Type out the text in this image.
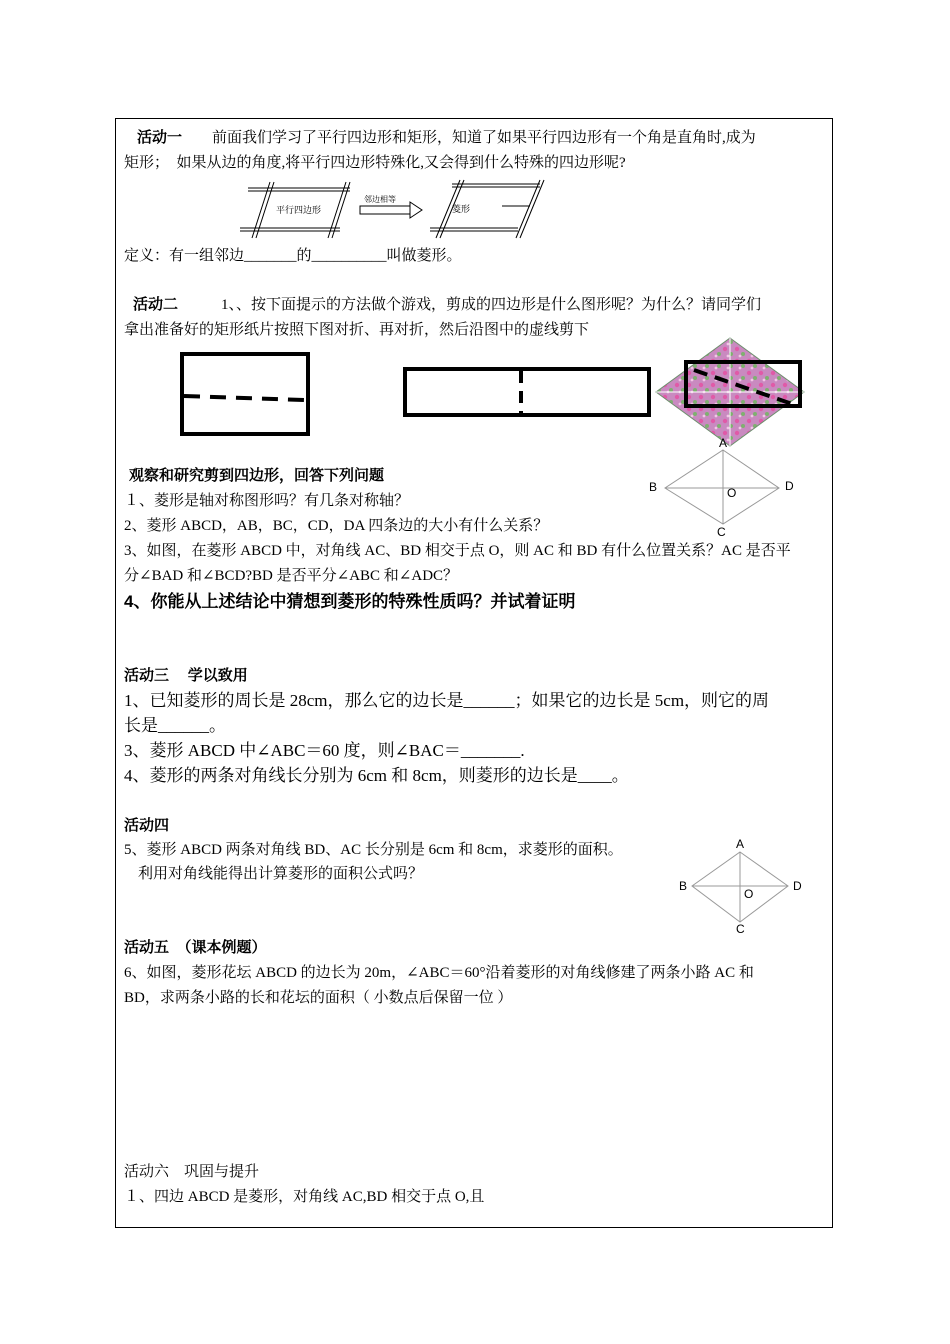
活动一 前面我们学习了平行四边形和矩形，知道了如果平行四边形有一个角是直角时,成为
矩形；　如果从边的角度,将平行四边形特殊化,又会得到什么特殊的四边形呢?
平行四边形
邻边相等
菱形
定义：有一组邻边_______的__________叫做菱形。
活动二	1、、按下面提示的方法做个游戏，剪成的四边形是什么图形呢？为什么？请同学们
拿出准备好的矩形纸片按照下图对折、再对折，然后沿图中的虚线剪下
观察和研究剪到四边形，回答下列问题
１、菱形是轴对称图形吗？有几条对称轴？
2、菱形 ABCD，AB，BC，CD，DA 四条边的大小有什么关系？
3、如图，在菱形 ABCD 中，对角线 AC、BD 相交于点 O，则 AC 和 BD 有什么位置关系？AC 是否平
分∠BAD 和∠BCD?BD 是否平分∠ABC 和∠ADC？
4、你能从上述结论中猜想到菱形的特殊性质吗？并试着证明
A
B	D
O
C
活动三　 学以致用
1、已知菱形的周长是 28cm，那么它的边长是______；如果它的边长是 5cm，则它的周
长是______。
3、菱形 ABCD 中∠ABC＝60 度，则∠BAC＝_______.
4、菱形的两条对角线长分别为 6cm 和 8cm，则菱形的边长是____。
活动四
5、菱形 ABCD 两条对角线 BD、AC 长分别是 6cm 和 8cm，求菱形的面积。
利用对角线能得出计算菱形的面积公式吗？
A
B	D
O
C
活动五　（课本例题）
6、如图，菱形花坛 ABCD 的边长为 20m，∠ABC＝60°沿着菱形的对角线修建了两条小路 AC 和
BD，求两条小路的长和花坛的面积（ 小数点后保留一位 ）
活动六　巩固与提升
１、四边 ABCD 是菱形，对角线 AC,BD 相交于点 O,且
